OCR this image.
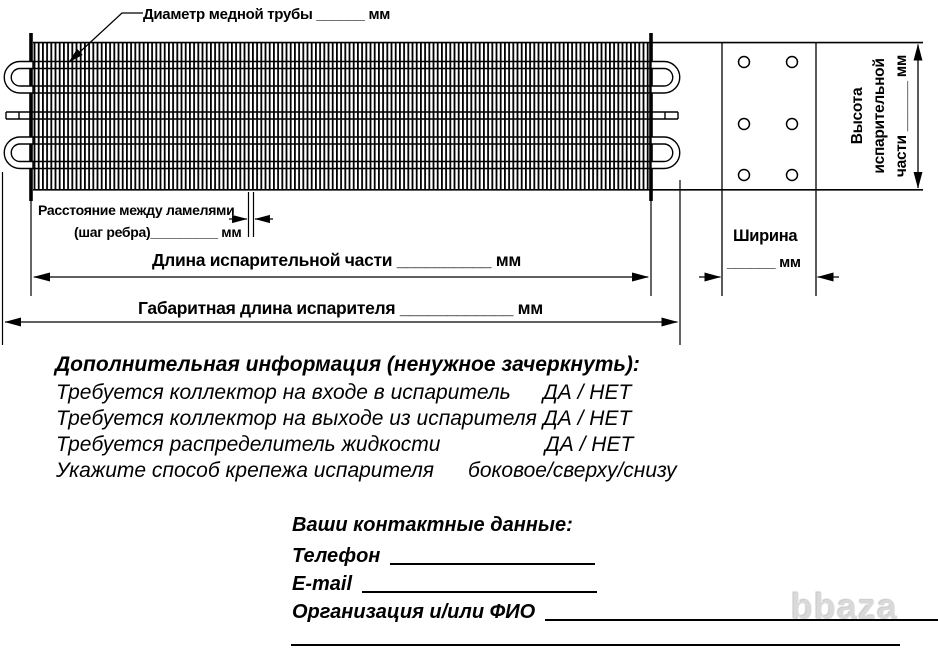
Диаметр медной трубы ______ мм
Расстояние между ламелями
(шаг ребра)_________ мм
Длина испарительной части __________ мм
Габаритная длина испарителя ____________ мм
Ширина
______ мм
Высота испарительной части ______ мм
bbaza
Дополнительная информация (ненужное зачеркнуть):
Требуется коллектор на входе в испаритель ДА / НЕТ
Требуется коллектор на выходе из испарителя ДА / НЕТ
Требуется распределитель жидкости	ДА / НЕТ
Укажите способ крепежа испарителя боковое/сверху/снизу
Ваши контактные данные:
Телефон
E-mail
Организация и/или ФИО
